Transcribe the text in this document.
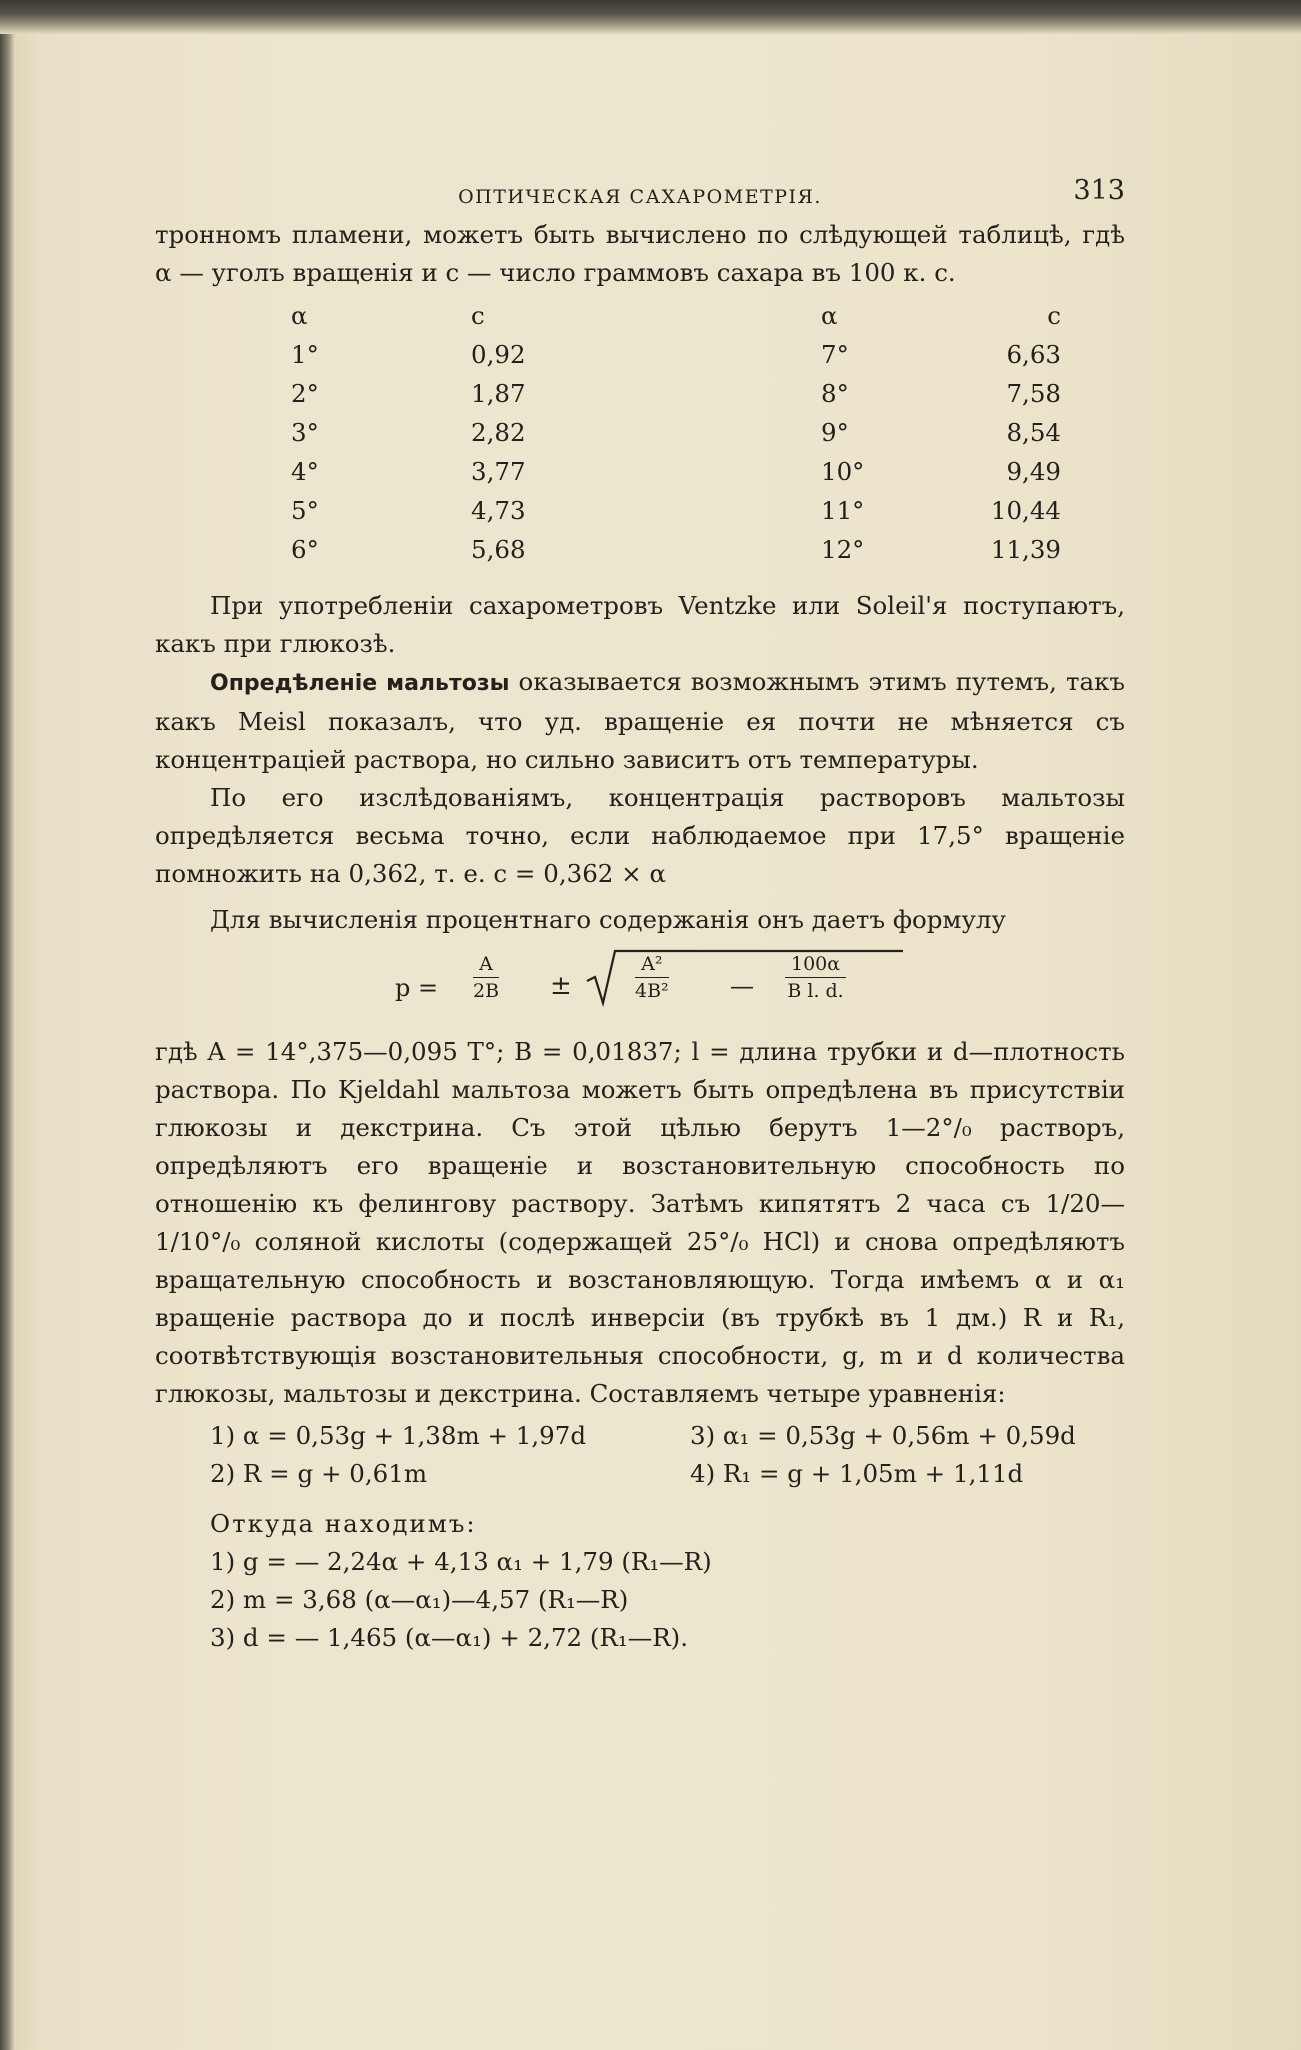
ОПТИЧЕСКАЯ САХАРОМЕТРІЯ.	313

тронномъ пламени, можетъ быть вычислено по слѣдующей таблицѣ, гдѣ α — уголъ вращенія и с — число граммовъ сахара въ 100 к. с.

α	c		α	c
1°	0,92		7°	6,63
2°	1,87		8°	7,58
3°	2,82		9°	8,54
4°	3,77		10°	9,49
5°	4,73		11°	10,44
6°	5,68		12°	11,39

При употребленіи сахарометровъ Ventzke или Soleil'я поступаютъ, какъ при глюкозѣ.

Опредѣленіе мальтозы оказывается возможнымъ этимъ путемъ, такъ какъ Meisl показалъ, что уд. вращеніе ея почти не мѣняется съ концентраціей раствора, но сильно зависитъ отъ температуры.

По его изслѣдованіямъ, концентрація растворовъ мальтозы опредѣляется весьма точно, если наблюдаемое при 17,5° вращеніе помножить на 0,362, т. е. c = 0,362 × α

Для вычисленія процентнаго содержанія онъ даетъ формулу

$p = \frac{A}{2B}$ ±	$\frac{\text{A²}}{\text{4B²}}$	— $\frac{100\alpha}{\text{B l. d.}}$

гдѣ A = 14°,375—0,095 T°; B = 0,01837; l = длина трубки и d—плотность раствора. По Kjeldahl мальтоза можетъ быть опредѣлена въ присутствіи глюкозы и декстрина. Съ этой цѣлью берутъ 1—2°/₀ растворъ, опредѣляютъ его вращеніе и возстановительную способность по отношенію къ фелингову раствору. Затѣмъ кипятятъ 2 часа съ 1/20—1/10°/₀ соляной кислоты (содержащей 25°/₀ HCl) и снова опредѣляютъ вращательную способность и возстановляющую. Тогда имѣемъ α и α₁ вращеніе раствора до и послѣ инверсіи (въ трубкѣ въ 1 дм.) R и R₁, соотвѣтствующія возстановительныя способности, g, m и d количества глюкозы, мальтозы и декстрина. Составляемъ четыре уравненія:

1) α = 0,53g + 1,38m + 1,97d	3) α₁ = 0,53g + 0,56m + 0,59d
2) R = g + 0,61m	4) R₁ = g + 1,05m + 1,11d
Откуда находимъ:
1) g = — 2,24α + 4,13 α₁ + 1,79 (R₁—R)
2) m = 3,68 (α—α₁)—4,57 (R₁—R)
3) d = — 1,465 (α—α₁) + 2,72 (R₁—R).
